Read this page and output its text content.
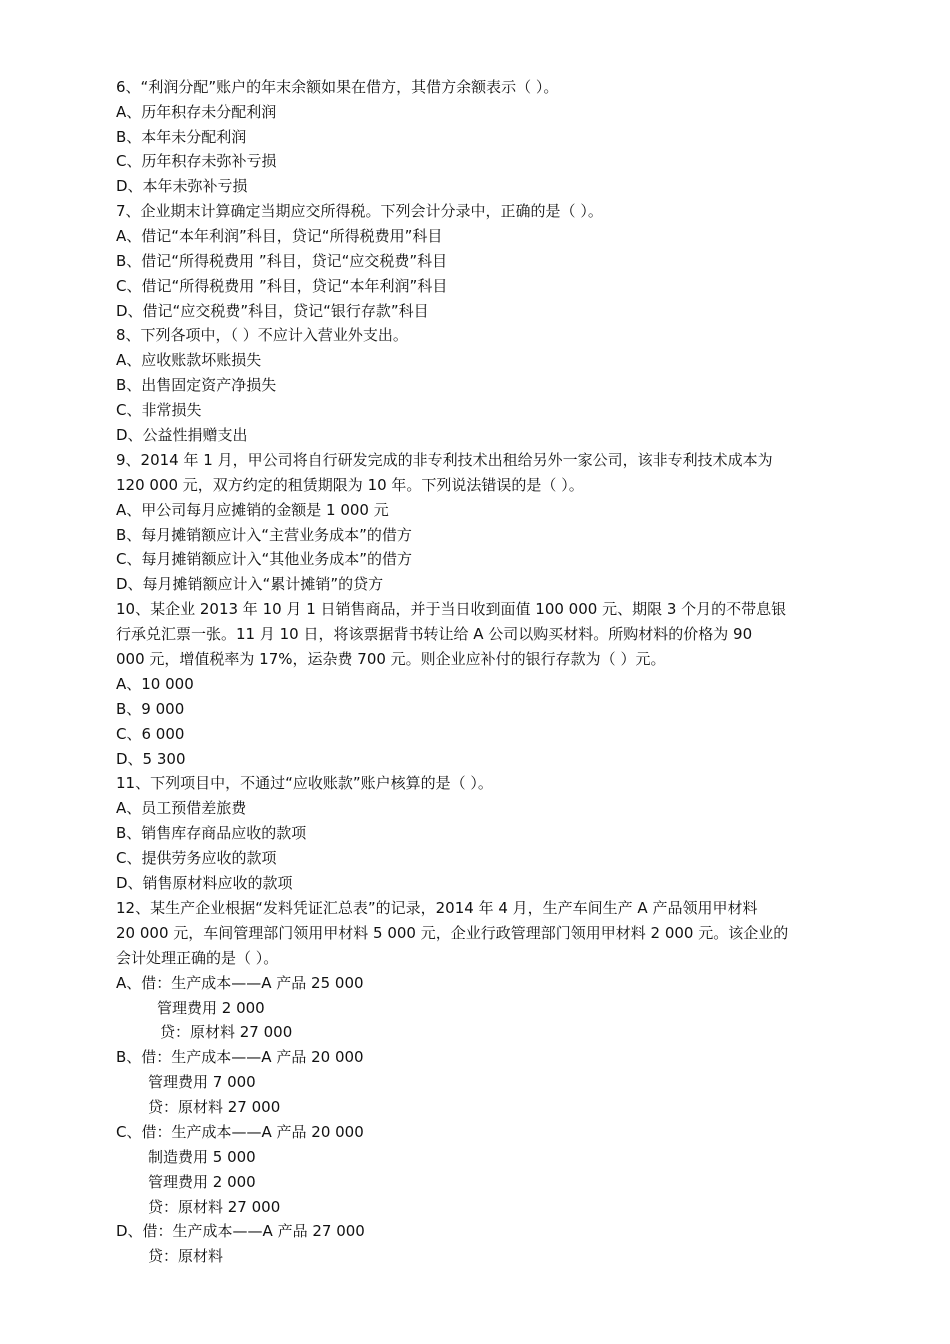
6、“利润分配”账户的年末余额如果在借方，其借方余额表示（ ）。
A、历年积存未分配利润
B、本年未分配利润
C、历年积存未弥补亏损
D、本年未弥补亏损
7、企业期末计算确定当期应交所得税。下列会计分录中，正确的是（ ）。
A、借记“本年利润”科目，贷记“所得税费用”科目
B、借记“所得税费用 ”科目，贷记“应交税费”科目
C、借记“所得税费用 ”科目，贷记“本年利润”科目
D、借记“应交税费”科目，贷记“银行存款”科目
8、下列各项中，（ ）不应计入营业外支出。
A、应收账款坏账损失
B、出售固定资产净损失
C、非常损失
D、公益性捐赠支出
9、2014 年 1 月，甲公司将自行研发完成的非专利技术出租给另外一家公司，该非专利技术成本为
120 000 元，双方约定的租赁期限为 10 年。下列说法错误的是（ ）。
A、甲公司每月应摊销的金额是 1 000 元
B、每月摊销额应计入“主营业务成本”的借方
C、每月摊销额应计入“其他业务成本”的借方
D、每月摊销额应计入“累计摊销”的贷方
10、某企业 2013 年 10 月 1 日销售商品，并于当日收到面值 100 000 元、期限 3 个月的不带息银
行承兑汇票一张。11 月 10 日，将该票据背书转让给 A 公司以购买材料。所购材料的价格为 90
000 元，增值税率为 17%，运杂费 700 元。则企业应补付的银行存款为（ ）元。
A、10 000
B、9 000
C、6 000
D、5 300
11、下列项目中，不通过“应收账款”账户核算的是（ ）。
A、员工预借差旅费
B、销售库存商品应收的款项
C、提供劳务应收的款项
D、销售原材料应收的款项
12、某生产企业根据“发料凭证汇总表”的记录，2014 年 4 月，生产车间生产 A 产品领用甲材料
20 000 元，车间管理部门领用甲材料 5 000 元，企业行政管理部门领用甲材料 2 000 元。该企业的
会计处理正确的是（ ）。
A、借：生产成本——A 产品 25 000
管理费用 2 000
贷：原材料 27 000
B、借：生产成本——A 产品 20 000
管理费用 7 000
贷：原材料 27 000
C、借：生产成本——A 产品 20 000
制造费用 5 000
管理费用 2 000
贷：原材料 27 000
D、借：生产成本——A 产品 27 000
贷：原材料
